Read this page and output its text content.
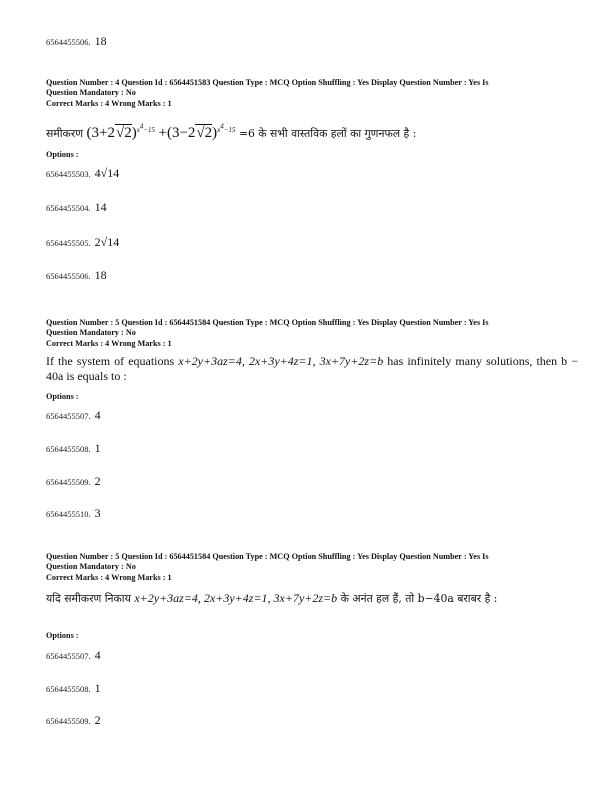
6564455506. 18
Question Number : 4 Question Id : 6564451583 Question Type : MCQ Option Shuffling : Yes Display Question Number : Yes Is
Question Mandatory : No
Correct Marks : 4 Wrong Marks : 1
समीकरण $(3+2√2)^{x^4-15} +(3-2√2)^{x^4-15} =6$ के सभी वास्तविक हलों का गुणनफल है :
Options :
6564455503. 4√14
6564455504. 14
6564455505. 2√14
6564455506. 18
Question Number : 5 Question Id : 6564451584 Question Type : MCQ Option Shuffling : Yes Display Question Number : Yes Is
Question Mandatory : No
Correct Marks : 4 Wrong Marks : 1
If the system of equations x+2y+3az=4, 2x+3y+4z=1, 3x+7y+2z=b has infinitely many solutions, then b − 40a is equals to :
Options :
6564455507. 4
6564455508. 1
6564455509. 2
6564455510. 3
Question Number : 5 Question Id : 6564451584 Question Type : MCQ Option Shuffling : Yes Display Question Number : Yes Is
Question Mandatory : No
Correct Marks : 4 Wrong Marks : 1
यदि समीकरण निकाय x+2y+3az=4, 2x+3y+4z=1, 3x+7y+2z=b के अनंत हल हैं, तो b−40a बराबर है :
Options :
6564455507. 4
6564455508. 1
6564455509. 2
